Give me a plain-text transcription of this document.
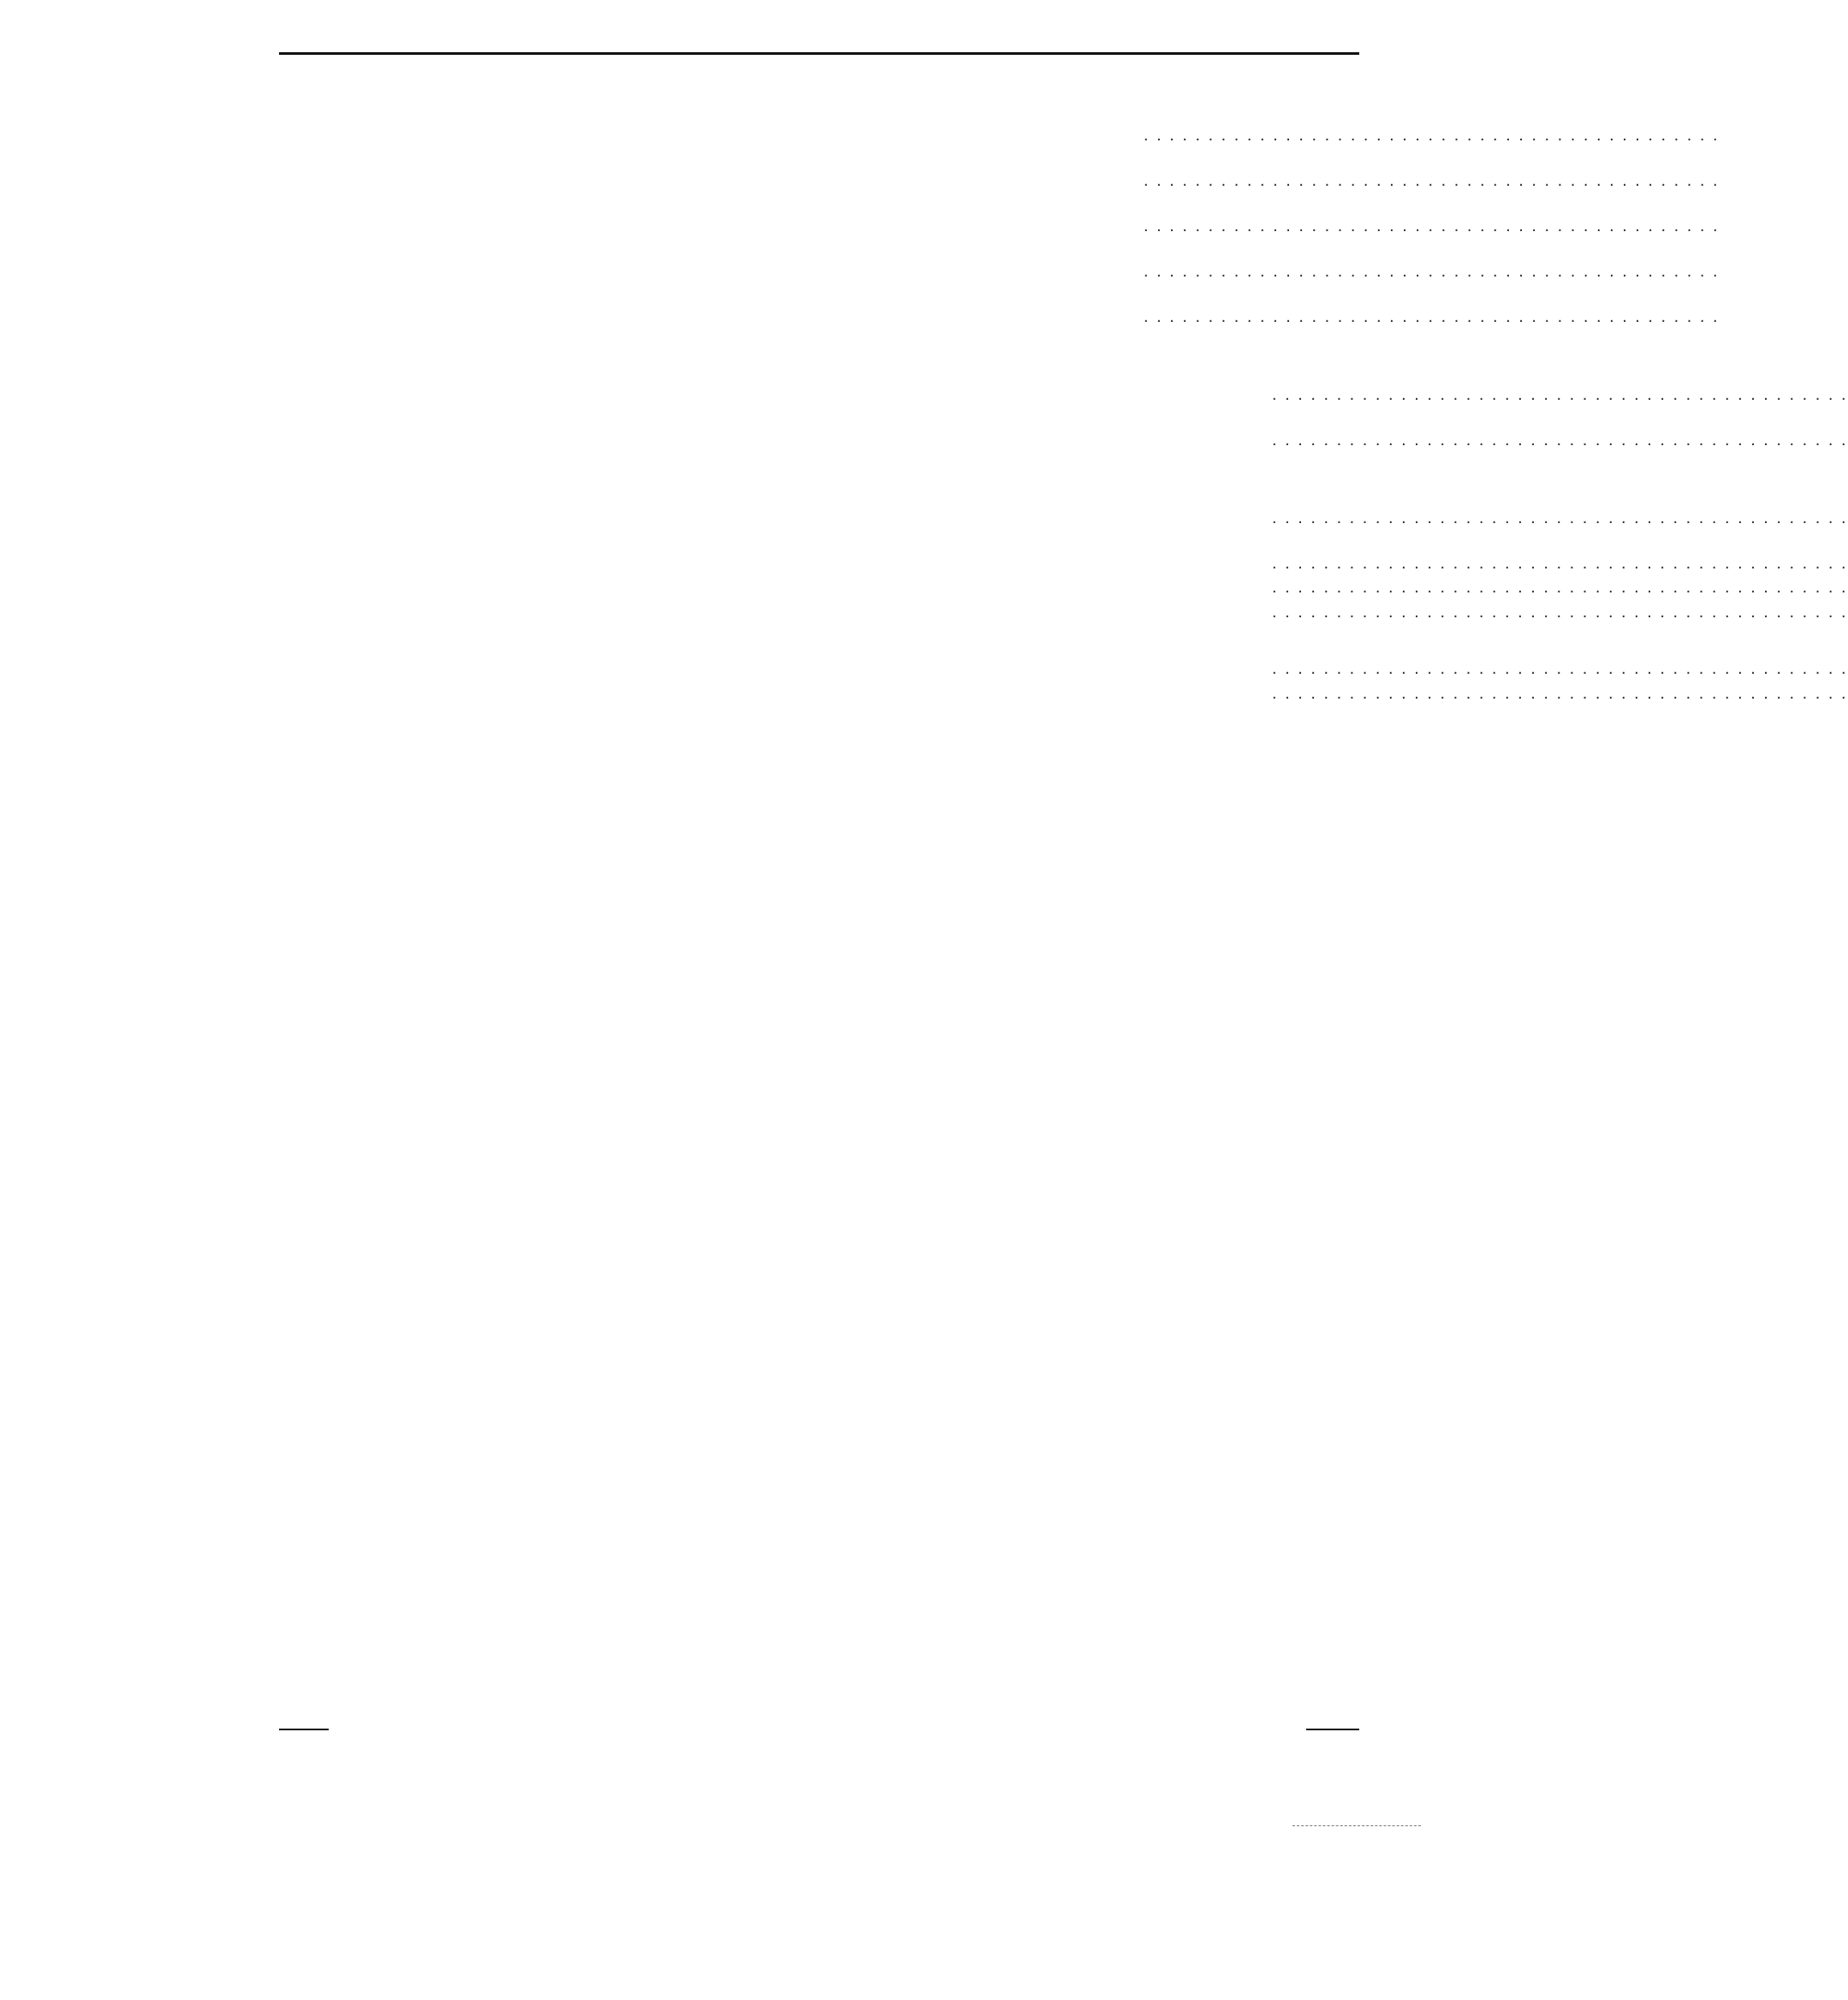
. . . . . . . . . . . . . . . . . . . . . . . . . . . . . . . . . . . . . . . . . . . . .
. . . . . . . . . . . . . . . . . . . . . . . . . . . . . . . . . . . . . . . . . . . . .
. . . . . . . . . . . . . . . . . . . . . . . . . . . . . . . . . . . . . . . . . . . . .
. . . . . . . . . . . . . . . . . . . . . . . . . . . . . . . . . . . . . . . . . . . . .
. . . . . . . . . . . . . . . . . . . . . . . . . . . . . . . . . . . . . . . . . . . . .
. . . . . . . . . . . . . . . . . . . . . . . . . . . . . . . . . . . . . . . . . . . . .
. . . . . . . . . . . . . . . . . . . . . . . . . . . . . . . . . . . . . . . . . . . . .
. . . . . . . . . . . . . . . . . . . . . . . . . . . . . . . . . . . . . . . . . . . . .
. . . . . . . . . . . . . . . . . . . . . . . . . . . . . . . . . . . . . . . . . . . . .
. . . . . . . . . . . . . . . . . . . . . . . . . . . . . . . . . . . . . . . . . . . . .
. . . . . . . . . . . . . . . . . . . . . . . . . . . . . . . . . . . . . . . . . . . . .
. . . . . . . . . . . . . . . . . . . . . . . . . . . . . . . . . . . . . . . . . . . . .
. . . . . . . . . . . . . . . . . . . . . . . . . . . . . . . . . . . . . . . . . . . . .
